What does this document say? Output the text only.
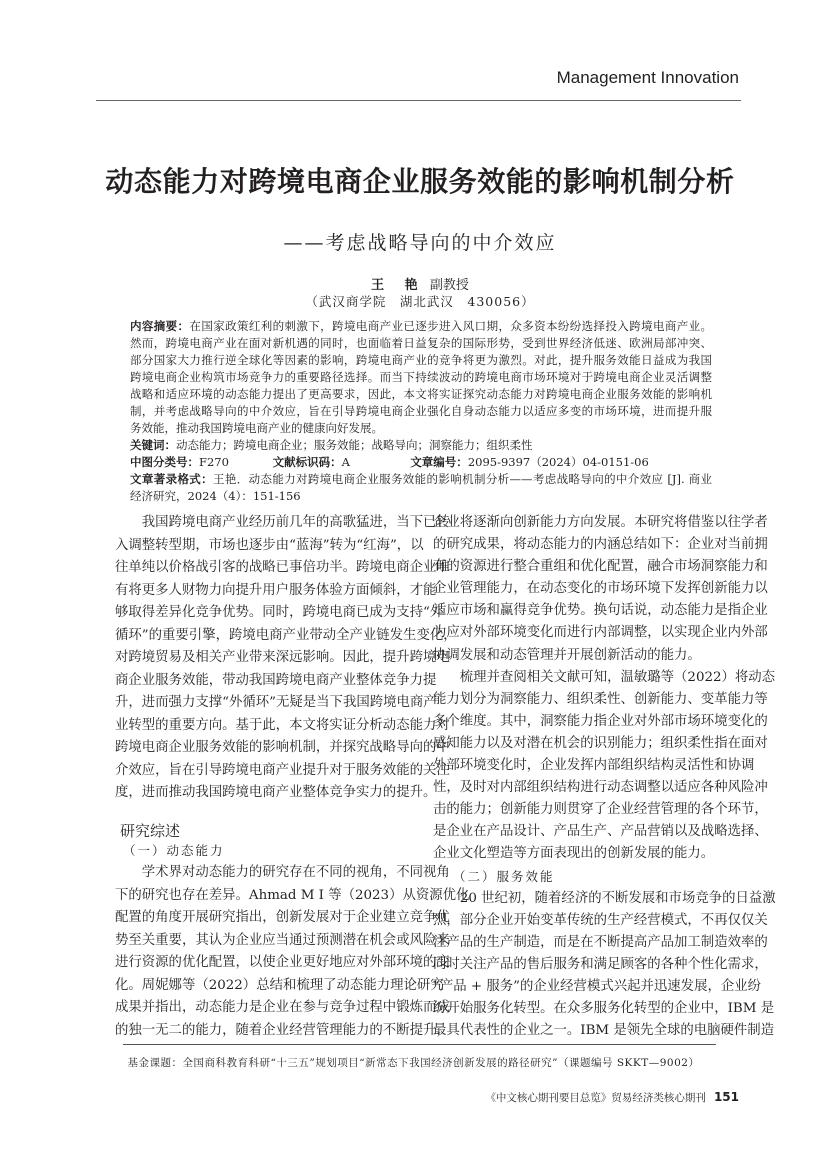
Management Innovation
动态能力对跨境电商企业服务效能的影响机制分析
——考虑战略导向的中介效应
王 艳 副教授
（武汉商学院　湖北武汉　430056）
内容摘要：在国家政策红利的刺激下，跨境电商产业已逐步进入风口期，众多资本纷纷选择投入跨境电商产业。
然而，跨境电商产业在面对新机遇的同时，也面临着日益复杂的国际形势，受到世界经济低迷、欧洲局部冲突、
部分国家大力推行逆全球化等因素的影响，跨境电商产业的竞争将更为激烈。对此，提升服务效能日益成为我国
跨境电商企业构筑市场竞争力的重要路径选择。而当下持续波动的跨境电商市场环境对于跨境电商企业灵活调整
战略和适应环境的动态能力提出了更高要求，因此，本文将实证探究动态能力对跨境电商企业服务效能的影响机
制，并考虑战略导向的中介效应，旨在引导跨境电商企业强化自身动态能力以适应多变的市场环境，进而提升服
务效能，推动我国跨境电商产业的健康向好发展。
关键词：动态能力；跨境电商企业；服务效能；战略导向；洞察能力；组织柔性
中图分类号：F270	文献标识码：A	文章编号：2095-9397（2024）04-0151-06
文章著录格式：王艳．动态能力对跨境电商企业服务效能的影响机制分析——考虑战略导向的中介效应 [J]. 商业
经济研究，2024（4）：151-156
我国跨境电商产业经历前几年的高歌猛进，当下已转
入调整转型期，市场也逐步由“蓝海”转为“红海”，以
往单纯以价格战引客的战略已事倍功半。跨境电商企业唯
有将更多人财物力向提升用户服务体验方面倾斜，才能
够取得差异化竞争优势。同时，跨境电商已成为支持“外
循环”的重要引擎，跨境电商产业带动全产业链发生变化，
对跨境贸易及相关产业带来深远影响。因此，提升跨境电
商企业服务效能，带动我国跨境电商产业整体竞争力提
升，进而强力支撑“外循环”无疑是当下我国跨境电商产
业转型的重要方向。基于此，本文将实证分析动态能力对
跨境电商企业服务效能的影响机制，并探究战略导向的中
介效应，旨在引导跨境电商产业提升对于服务效能的关注
度，进而推动我国跨境电商产业整体竞争实力的提升。
研究综述
（一）动态能力
学术界对动态能力的研究存在不同的视角，不同视角
下的研究也存在差异。Ahmad M I 等（2023）从资源优化
配置的角度开展研究指出，创新发展对于企业建立竞争优
势至关重要，其认为企业应当通过预测潜在机会或风险来
进行资源的优化配置，以使企业更好地应对外部环境的变
化。周妮娜等（2022）总结和梳理了动态能力理论研究
成果并指出，动态能力是企业在参与竞争过程中锻炼而成
的独一无二的能力，随着企业经营管理能力的不断提升，
企业将逐渐向创新能力方向发展。本研究将借鉴以往学者
的研究成果，将动态能力的内涵总结如下：企业对当前拥
有的资源进行整合重组和优化配置，融合市场洞察能力和
企业管理能力，在动态变化的市场环境下发挥创新能力以
适应市场和赢得竞争优势。换句话说，动态能力是指企业
为应对外部环境变化而进行内部调整，以实现企业内外部
协调发展和动态管理并开展创新活动的能力。
梳理并查阅相关文献可知，温敏璐等（2022）将动态
能力划分为洞察能力、组织柔性、创新能力、变革能力等
多个维度。其中，洞察能力指企业对外部市场环境变化的
感知能力以及对潜在机会的识别能力；组织柔性指在面对
外部环境变化时，企业发挥内部组织结构灵活性和协调
性，及时对内部组织结构进行动态调整以适应各种风险冲
击的能力；创新能力则贯穿了企业经营管理的各个环节，
是企业在产品设计、产品生产、产品营销以及战略选择、
企业文化塑造等方面表现出的创新发展的能力。
（二）服务效能
20 世纪初，随着经济的不断发展和市场竞争的日益激
烈，部分企业开始变革传统的生产经营模式，不再仅仅关
注产品的生产制造，而是在不断提高产品加工制造效率的
同时关注产品的售后服务和满足顾客的各种个性化需求，
“产品 + 服务”的企业经营模式兴起并迅速发展，企业纷
纷开始服务化转型。在众多服务化转型的企业中，IBM 是
最具代表性的企业之一。IBM 是领先全球的电脑硬件制造
基金课题：全国商科教育科研“十三五”规划项目“新常态下我国经济创新发展的路径研究”（课题编号 SKKT—9002）
《中文核心期刊要目总览》贸易经济类核心期刊 151
